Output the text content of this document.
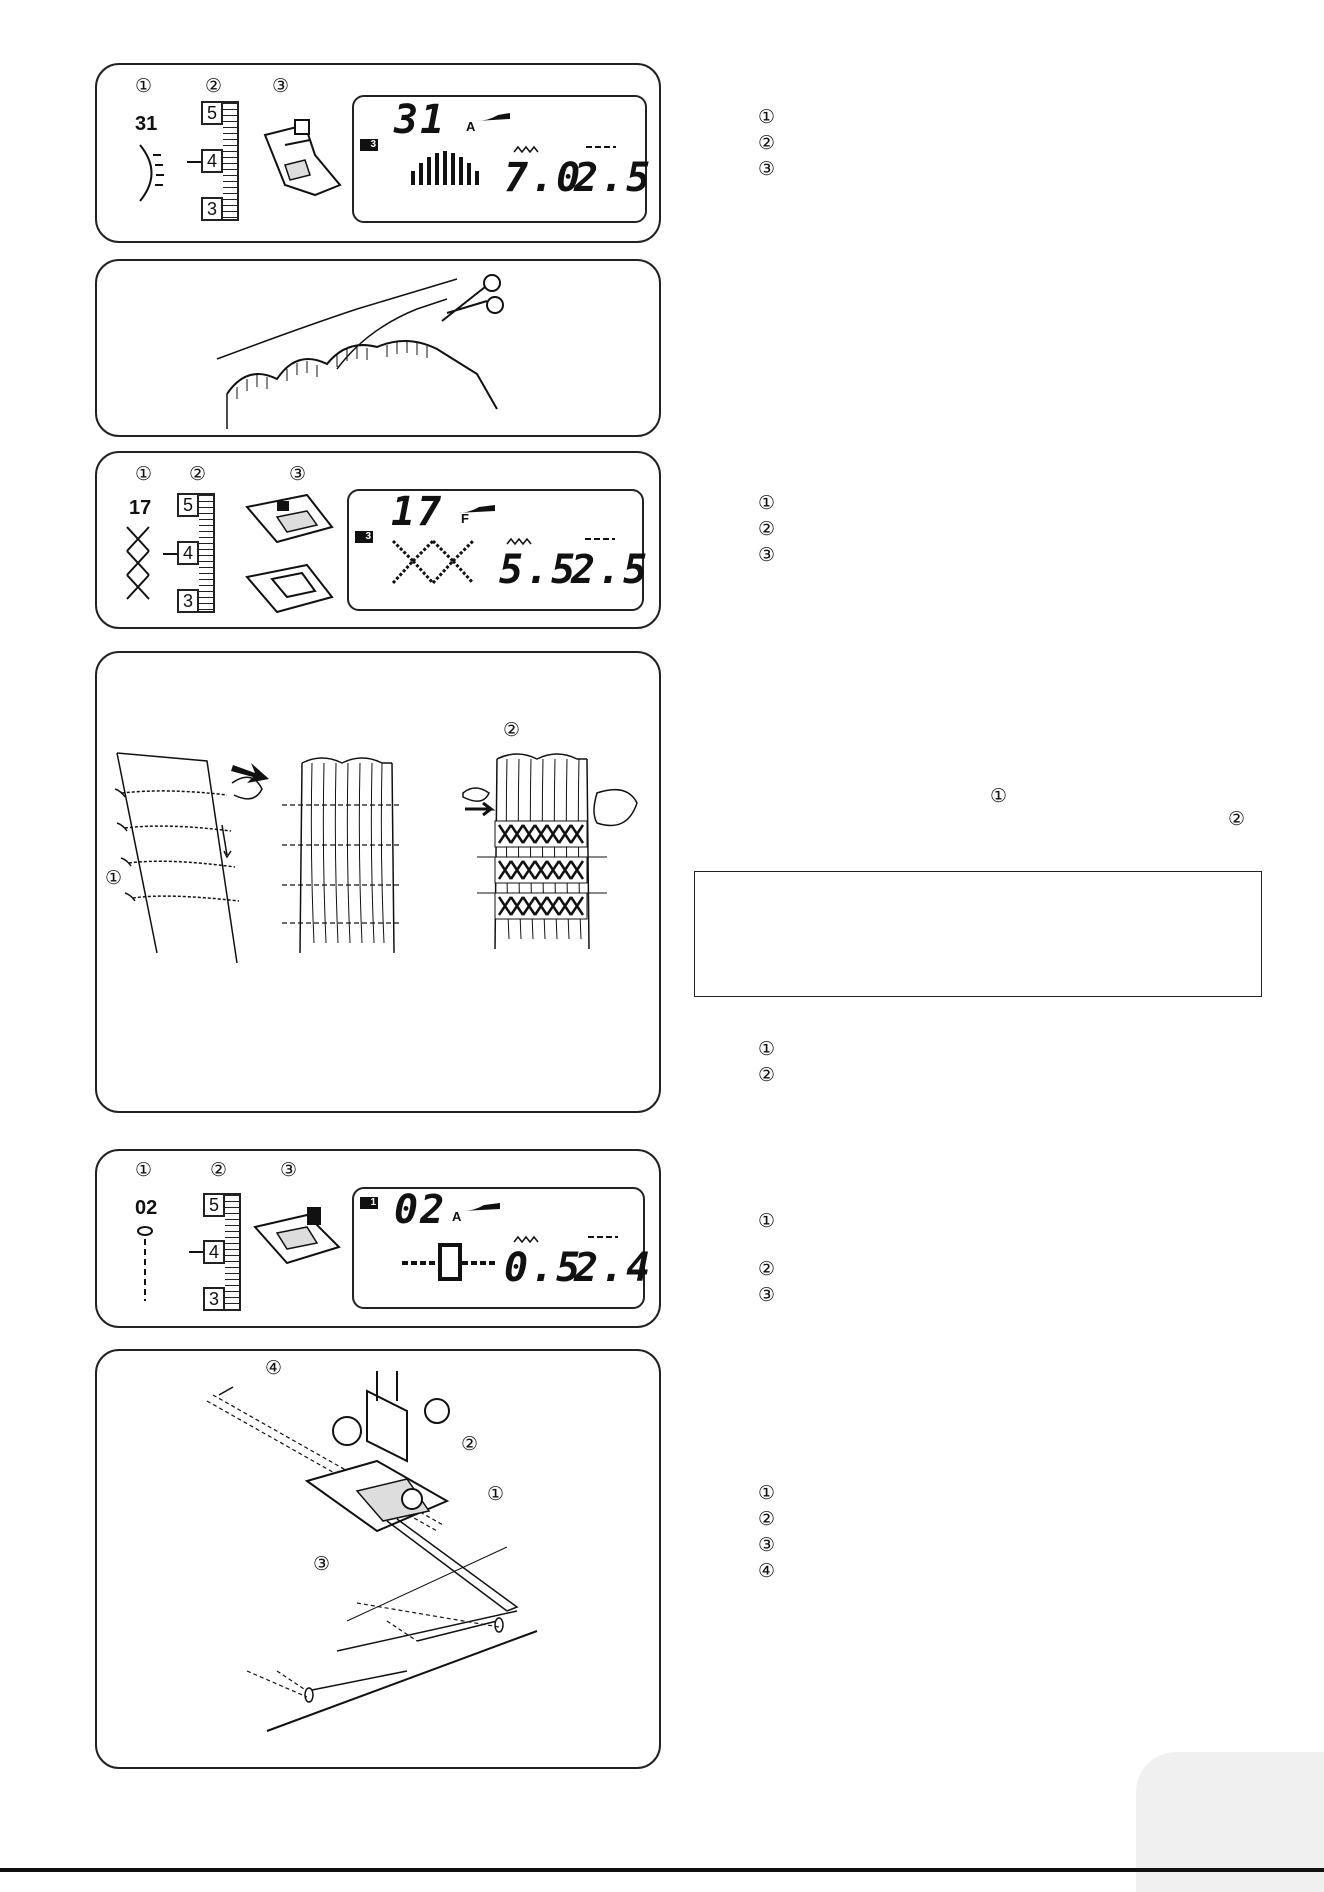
①	②	③
31	5
4
3
31 A
3
7.0
2.5
① ②	③
17	5
4
3
17 F
3
5.5
2.5
①
②
①	②	③
02	5
4
3
1 02 A
0.5
2.4
④
②
①
③
①
②
③
①
②
③
①
②
①
②
①
②
③
①
②
③
④
